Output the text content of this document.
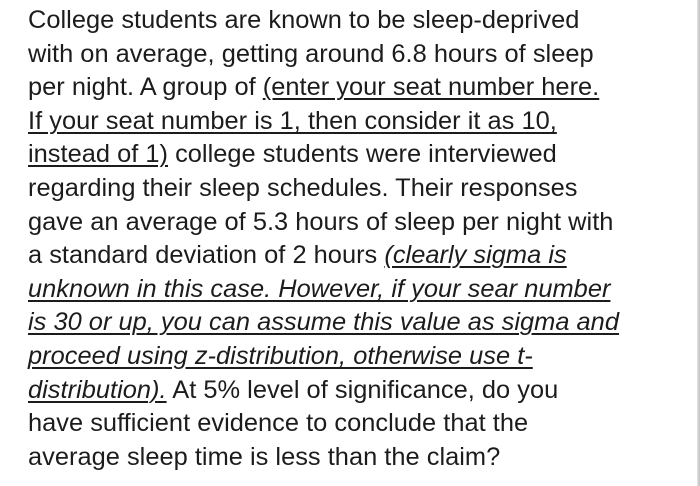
College students are known to be sleep-deprived
with on average, getting around 6.8 hours of sleep
per night. A group of (enter your seat number here.
If your seat number is 1, then consider it as 10,
instead of 1) college students were interviewed
regarding their sleep schedules. Their responses
gave an average of 5.3 hours of sleep per night with
a standard deviation of 2 hours (clearly sigma is
unknown in this case. However, if your sear number
is 30 or up, you can assume this value as sigma and
proceed using z-distribution, otherwise use t-
distribution). At 5% level of significance, do you
have sufficient evidence to conclude that the
average sleep time is less than the claim?
